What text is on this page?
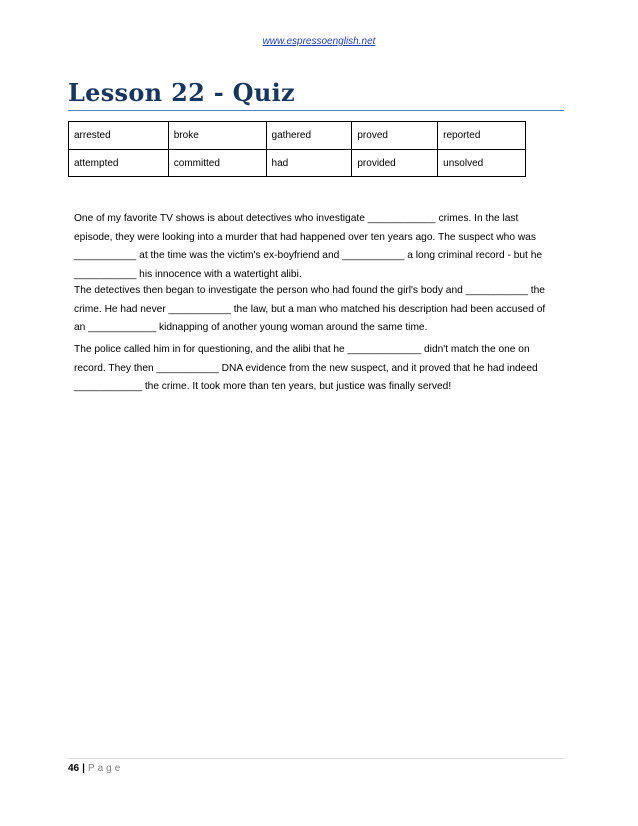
www.espressoenglish.net
Lesson 22 - Quiz
arrested	broke	gathered	proved	reported
attempted	committed	had	provided	unsolved
One of my favorite TV shows is about detectives who investigate ____________ crimes. In the last
episode, they were looking into a murder that had happened over ten years ago. The suspect who was
___________ at the time was the victim's ex-boyfriend and ___________ a long criminal record - but he
___________ his innocence with a watertight alibi.
The detectives then began to investigate the person who had found the girl's body and ___________ the
crime. He had never ___________ the law, but a man who matched his description had been accused of
an ____________ kidnapping of another young woman around the same time.
The police called him in for questioning, and the alibi that he _____________ didn't match the one on
record. They then ___________ DNA evidence from the new suspect, and it proved that he had indeed
____________ the crime. It took more than ten years, but justice was finally served!
46 | Page
